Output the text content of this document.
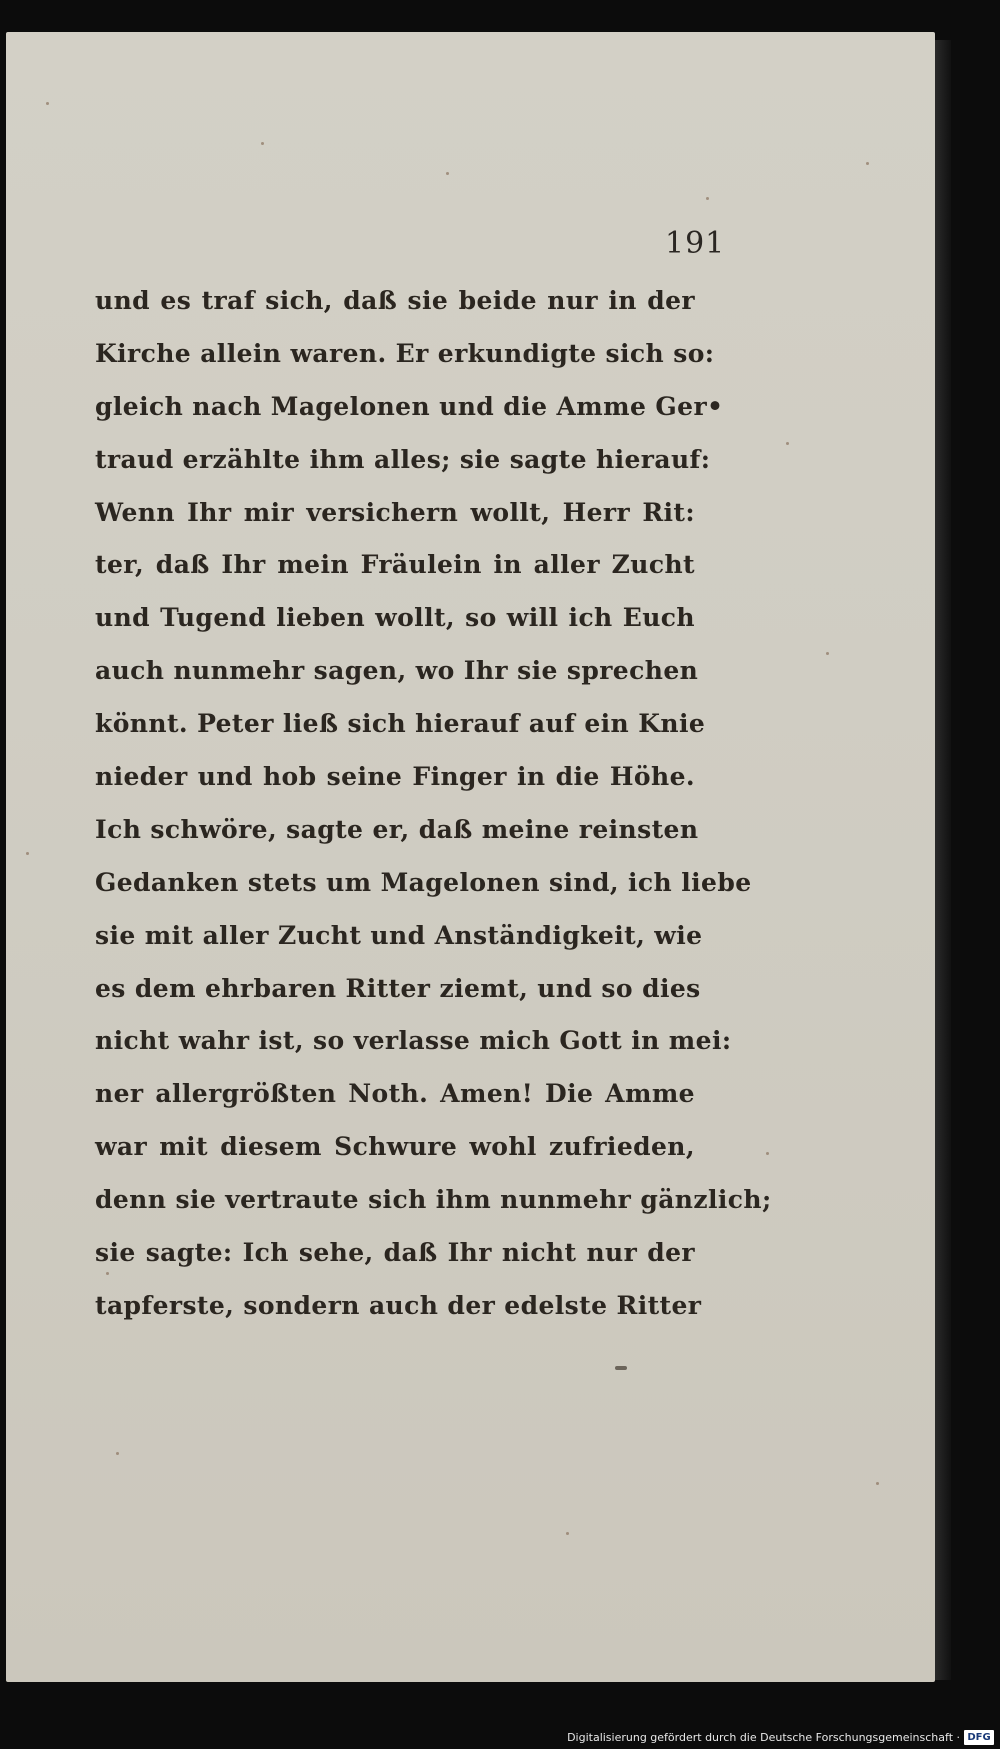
191
und es traf sich, daß sie beide nur in der
Kirche allein waren. Er erkundigte sich so:
gleich nach Magelonen und die Amme Ger•
traud erzählte ihm alles; sie sagte hierauf:
Wenn Ihr mir versichern wollt, Herr Rit:
ter, daß Ihr mein Fräulein in aller Zucht
und Tugend lieben wollt, so will ich Euch
auch nunmehr sagen, wo Ihr sie sprechen
könnt. Peter ließ sich hierauf auf ein Knie
nieder und hob seine Finger in die Höhe.
Ich schwöre, sagte er, daß meine reinsten
Gedanken stets um Magelonen sind, ich liebe
sie mit aller Zucht und Anständigkeit, wie
es dem ehrbaren Ritter ziemt, und so dies
nicht wahr ist, so verlasse mich Gott in mei:
ner allergrößten Noth. Amen! Die Amme
war mit diesem Schwure wohl zufrieden,
denn sie vertraute sich ihm nunmehr gänzlich;
sie sagte: Ich sehe, daß Ihr nicht nur der
tapferste, sondern auch der edelste Ritter
Digitalisierung gefördert durch die Deutsche Forschungsgemeinschaft · DFG
